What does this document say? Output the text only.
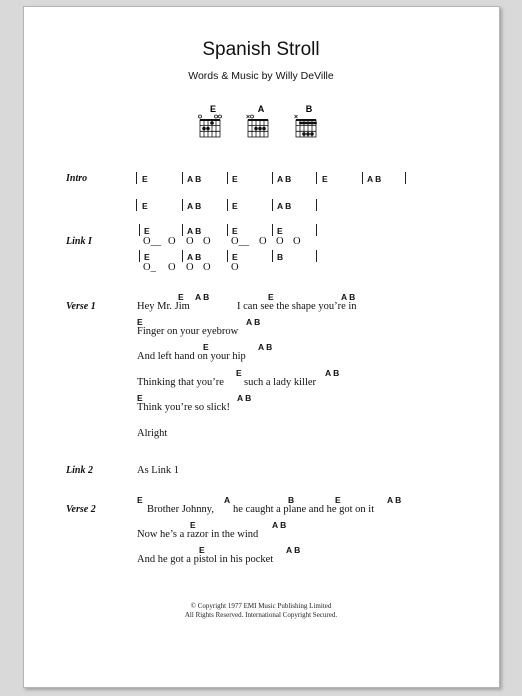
Spanish Stroll
Words & Music by Willy DeVille
E	A	B
Intro
Link I
Verse 1
Link 2
Verse 2
E	A B	E	A B	E	A B
E	A B	E	A B
E	A B	E	E
O__ O O O O__ O O O
E	A B	E	B
O_ O O O O
E A B	E	A B
Hey Mr. Jim	I can see the shape you’re in
E	A B
Finger on your eyebrow
E	A B
And left hand on your hip
E	A B
Thinking that you’re such a lady killer
E	A B
Think you’re so slick!
Alright
As Link 1
E	A	B	E	A B
Brother Johnny, he caught a plane and he got on it
E	A B
Now he’s a razor in the wind
E	A B
And he got a pistol in his pocket
© Copyright 1977 EMI Music Publishing Limited
All Rights Reserved. International Copyright Secured.
